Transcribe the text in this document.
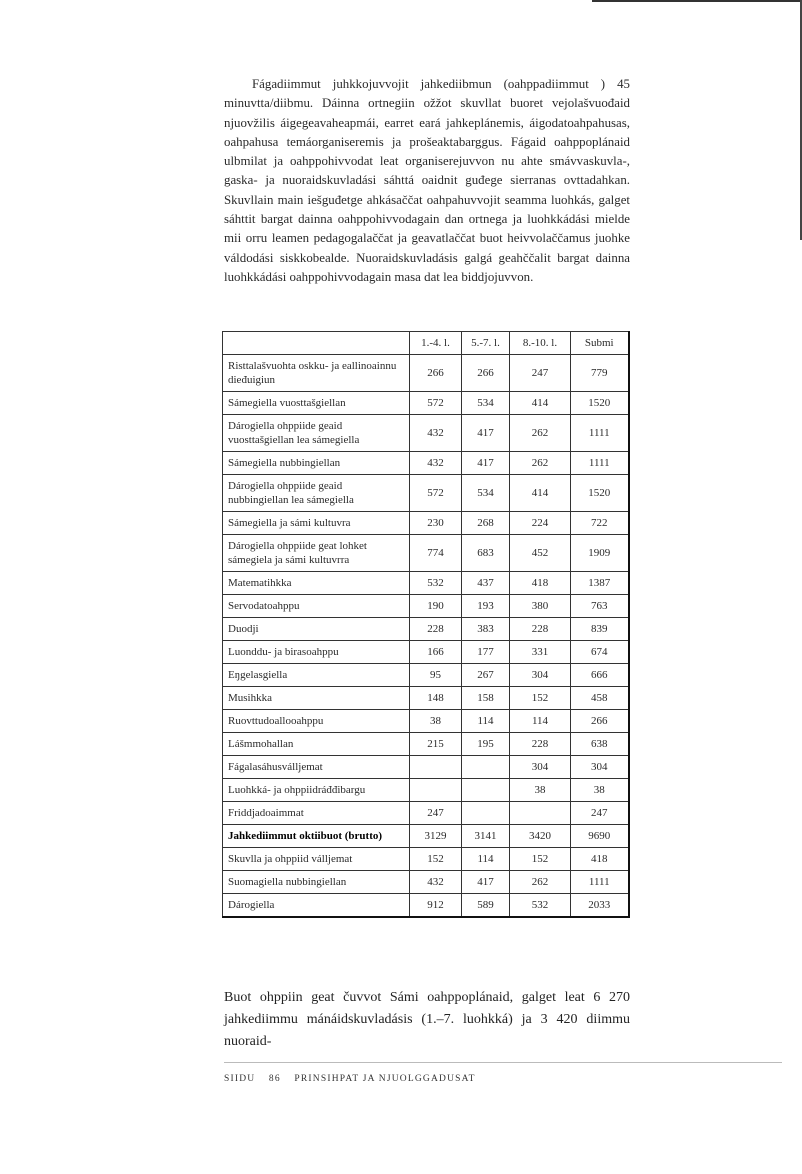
Fágadiimmut juhkkojuvvojit jahkediibmun (oahppadiimmut ) 45 minuvtta/diibmu. Dáinna ortnegiin ožžot skuvllat buoret vejolašvuođaid njuovžilis áigegeavaheapmái, earret eará jahkeplánemis, áigodatoahpahusas, oahpahusa temáorganiseremis ja prošeaktabarggus. Fágaid oahppoplánaid ulbmilat ja oahppohivvodat leat organiserejuvvon nu ahte smávvaskuvla-, gaska- ja nuoraidskuvladási sáhttá oaidnit guđege sierranas ovttadahkan. Skuvllain main iešguđetge ahkásaččat oahpahuvvojit seamma luohkás, galget sáhttit bargat dainna oahppohivvodagain dan ortnega ja luohkkádási mielde mii orru leamen pedagogalaččat ja geavatlaččat buot heivvolaččamus juohke váldodási siskkobealde. Nuoraidskuvladásis galgá geahččalit bargat dainna luohkkádási oahppohivvodagain masa dat lea biddjojuvvon.

	1.-4. l.	5.-7. l.	8.-10. l.	Submi
Risttalašvuohta oskku- ja eallinoainnu dieđuigiun	266	266	247	779
Sámegiella vuosttašgiellan	572	534	414	1520
Dárogiella ohppiide geaid vuosttašgiellan lea sámegiella	432	417	262	1111
Sámegiella nubbingiellan	432	417	262	1111
Dárogiella ohppiide geaid nubbingiellan lea sámegiella	572	534	414	1520
Sámegiella ja sámi kultuvra	230	268	224	722
Dárogiella ohppiide geat lohket sámegiela ja sámi kultuvrra	774	683	452	1909
Matematihkka	532	437	418	1387
Servodatoahppu	190	193	380	763
Duodji	228	383	228	839
Luonddu- ja birasoahppu	166	177	331	674
Eŋgelasgiella	95	267	304	666
Musihkka	148	158	152	458
Ruovttudoallooahppu	38	114	114	266
Lášmmohallan	215	195	228	638
Fágalasáhusválljemat			304	304
Luohkká- ja ohppiidráđđibargu			38	38
Friddjadoaimmat	247			247
Jahkediimmut oktiibuot (brutto)	3129	3141	3420	9690
Skuvlla ja ohppiid válljemat	152	114	152	418
Suomagiella nubbingiellan	432	417	262	1111
Dárogiella	912	589	532	2033

Buot ohppiin geat čuvvot Sámi oahppoplánaid, galget leat 6 270 jahkediimmu mánáidskuvladásis (1.–7. luohkká) ja 3 420 diimmu nuoraid-

SIIDU 86 PRINSIHPAT JA NJUOLGGADUSAT
